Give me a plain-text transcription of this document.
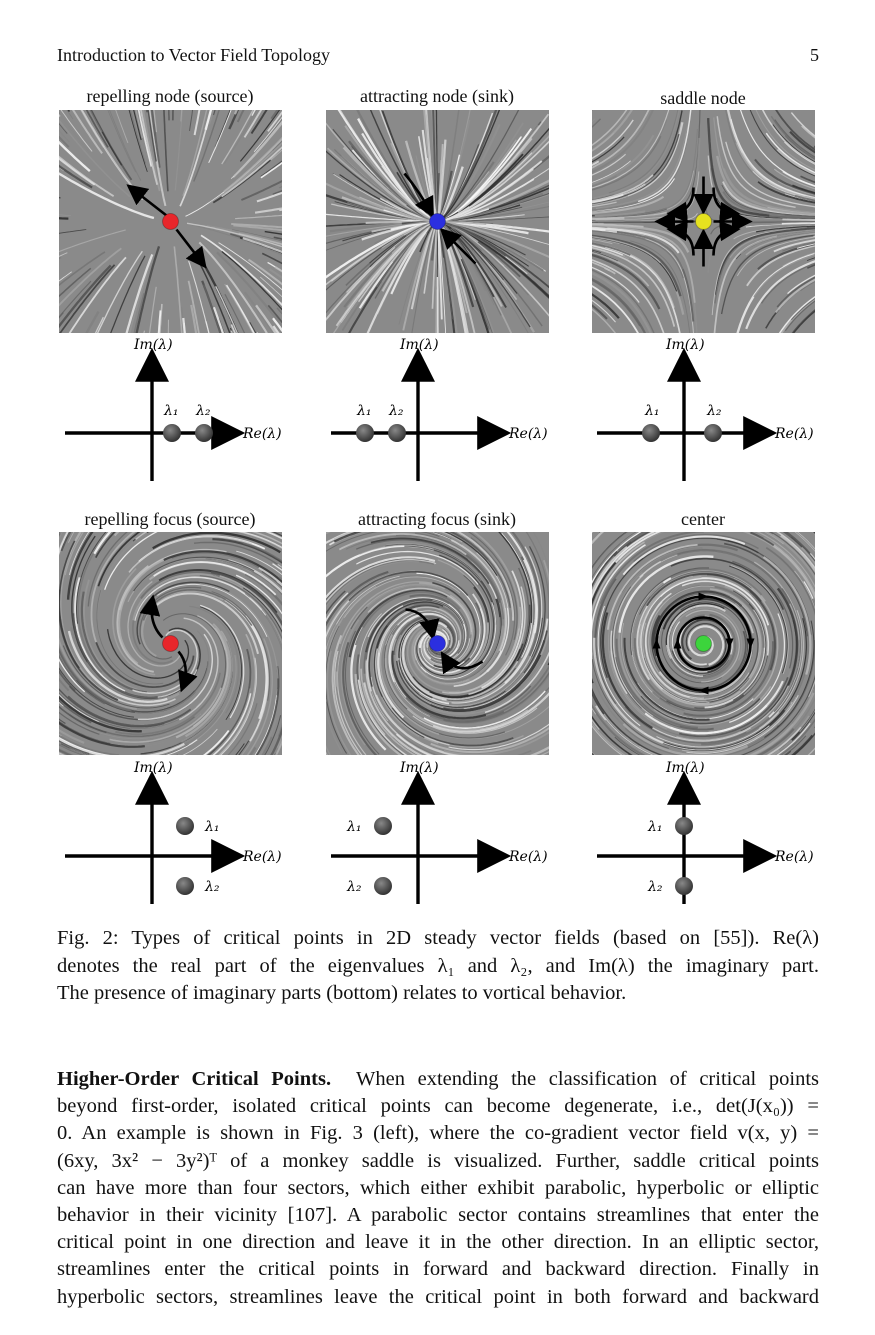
Introduction to Vector Field Topology	5
repelling node (source)	attracting node (sink)	saddle node
Im(λ)
Re(λ)
λ₁ λ₂
Im(λ)
Re(λ)
λ₁ λ₂
Im(λ)
Re(λ)
λ₁	λ₂
repelling focus (source)	attracting focus (sink)	center
Im(λ)
Re(λ)
λ₁
λ₂
Im(λ)
Re(λ)
λ₁
λ₂
Im(λ)
Re(λ)
λ₁
λ₂
Fig. 2: Types of critical points in 2D steady vector fields (based on [55]). Re(λ)
denotes the real part of the eigenvalues λ₁ and λ₂, and Im(λ) the imaginary part.
The presence of imaginary parts (bottom) relates to vortical behavior.
Higher-Order Critical Points. When extending the classification of critical points
beyond first-order, isolated critical points can become degenerate, i.e., det(J(x₀)) =
0. An example is shown in Fig. 3 (left), where the co-gradient vector field v(x, y) =
(6xy, 3x² − 3y²)ᵀ of a monkey saddle is visualized. Further, saddle critical points
can have more than four sectors, which either exhibit parabolic, hyperbolic or elliptic
behavior in their vicinity [107]. A parabolic sector contains streamlines that enter the
critical point in one direction and leave it in the other direction. In an elliptic sector,
streamlines enter the critical points in forward and backward direction. Finally in
hyperbolic sectors, streamlines leave the critical point in both forward and backward
